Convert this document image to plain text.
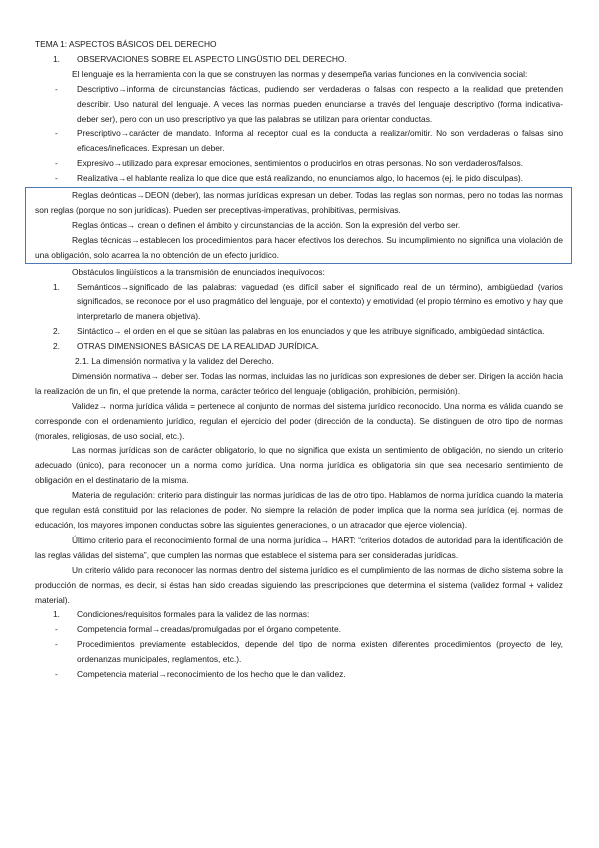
TEMA 1: ASPECTOS BÁSICOS DEL DERECHO

1.	OBSERVACIONES SOBRE EL ASPECTO LINGÜSTIO DEL DERECHO.

El lenguaje es la herramienta con la que se construyen las normas y desempeña varias funciones en la convivencia social:

-	Descriptivo→informa de circunstancias fácticas, pudiendo ser verdaderas o falsas con respecto a la realidad que pretenden describir. Uso natural del lenguaje. A veces las normas pueden enunciarse a través del lenguaje descriptivo (forma indicativa-deber ser), pero con un uso prescriptivo ya que las palabras se utilizan para orientar conductas.
-	Prescriptivo→carácter de mandato. Informa al receptor cual es la conducta a realizar/omitir. No son verdaderas o falsas sino eficaces/ineficaces. Expresan un deber.
-	Expresivo→utilizado para expresar emociones, sentimientos o producirlos en otras personas. No son verdaderos/falsos.
-	Realizativa→el hablante realiza lo que dice que está realizando, no enunciamos algo, lo hacemos (ej. le pido disculpas).

Reglas deónticas→DEON (deber), las normas jurídicas expresan un deber. Todas las reglas son normas, pero no todas las normas son reglas (porque no son jurídicas). Pueden ser preceptivas-imperativas, prohibitivas, permisivas.

Reglas ónticas→ crean o definen el ámbito y circunstancias de la acción. Son la expresión del verbo ser.

Reglas técnicas→establecen los procedimientos para hacer efectivos los derechos. Su incumplimiento no significa una violación de una obligación, solo acarrea la no obtención de un efecto jurídico.

Obstáculos lingüísticos a la transmisión de enunciados inequívocos:

1.	Semánticos→significado de las palabras: vaguedad (es difícil saber el significado real de un término), ambigüedad (varios significados, se reconoce por el uso pragmático del lenguaje, por el contexto) y emotividad (el propio término es emotivo y hay que interpretarlo de manera objetiva).
2.	Sintáctico→ el orden en el que se sitúan las palabras en los enunciados y que les atribuye significado, ambigüedad sintáctica.
2.	OTRAS DIMENSIONES BÁSICAS DE LA REALIDAD JURÍDICA.

2.1. La dimensión normativa y la validez del Derecho.

Dimensión normativa→ deber ser. Todas las normas, incluidas las no jurídicas son expresiones de deber ser. Dirigen la acción hacia la realización de un fin, el que pretende la norma, carácter teórico del lenguaje (obligación, prohibición, permisión).

Validez→ norma jurídica válida = pertenece al conjunto de normas del sistema jurídico reconocido. Una norma es válida cuando se corresponde con el ordenamiento jurídico, regulan el ejercicio del poder (dirección de la conducta). Se distinguen de otro tipo de normas (morales, religiosas, de uso social, etc.).

Las normas jurídicas son de carácter obligatorio, lo que no significa que exista un sentimiento de obligación, no siendo un criterio adecuado (único), para reconocer un a norma como jurídica. Una norma jurídica es obligatoria sin que sea necesario sentimiento de obligación en el destinatario de la misma.

Materia de regulación: criterio para distinguir las normas jurídicas de las de otro tipo. Hablamos de norma jurídica cuando la materia que regulan está constituid por las relaciones de poder. No siempre la relación de poder implica que la norma sea jurídica (ej. normas de educación, los mayores imponen conductas sobre las siguientes generaciones, o un atracador que ejerce violencia).

Último criterio para el reconocimiento formal de una norma jurídica→ HART: “criterios dotados de autoridad para la identificación de las reglas válidas del sistema”, que cumplen las normas que establece el sistema para ser consideradas jurídicas.

Un criterio válido para reconocer las normas dentro del sistema jurídico es el cumplimiento de las normas de dicho sistema sobre la producción de normas, es decir, si éstas han sido creadas siguiendo las prescripciones que determina el sistema (validez formal + validez material).

1.	Condiciones/requisitos formales para la validez de las normas:
-	Competencia formal→creadas/promulgadas por el órgano competente.
-	Procedimientos previamente establecidos, depende del tipo de norma existen diferentes procedimientos (proyecto de ley, ordenanzas municipales, reglamentos, etc.).
-	Competencia material→reconocimiento de los hecho que le dan validez.
